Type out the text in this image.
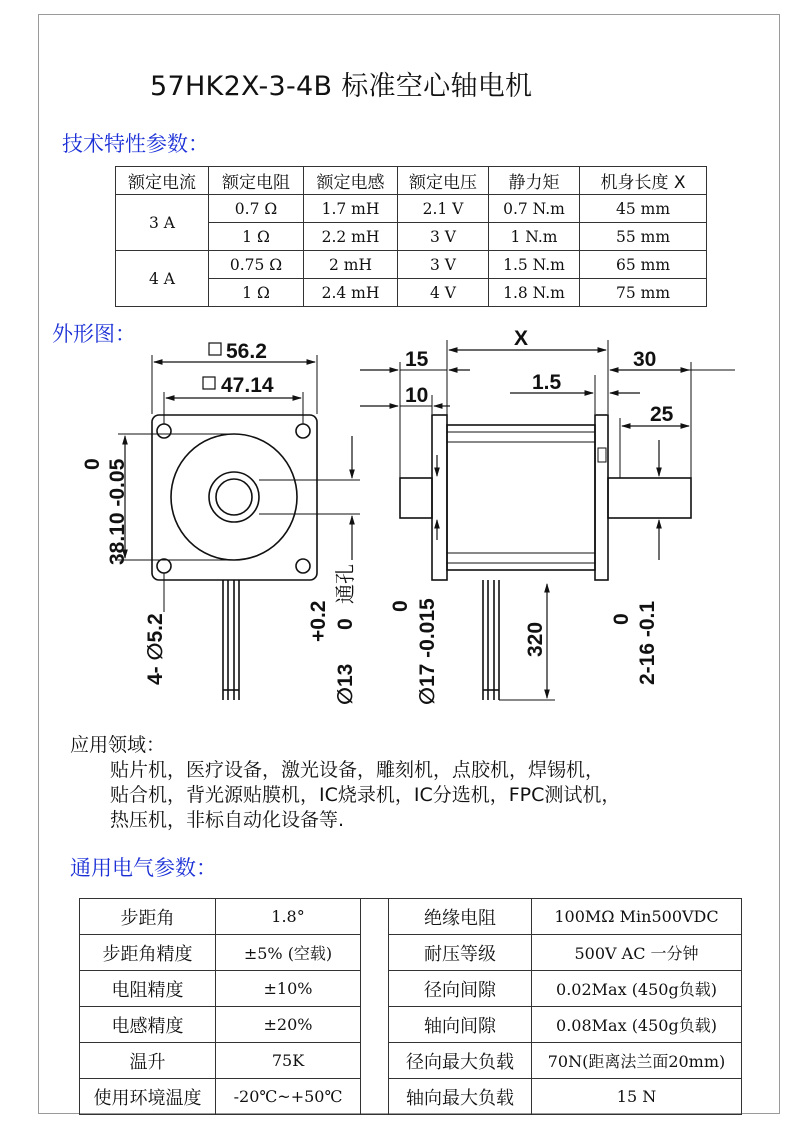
57HK2X-3-4B 标准空心轴电机
技术特性参数：
额定电流	额定电阻	额定电感	额定电压	静力矩	机身长度 X
3 A	0.7 Ω	1.7 mH	2.1 V	0.7 N.m	45 mm
	1 Ω	2.2 mH	3 V	1 N.m	55 mm
4 A	0.75 Ω	2 mH	3 V	1.5 N.m	65 mm
	1 Ω	2.4 mH	4 V	1.8 N.m	75 mm
外形图：
56.2
47.14
0 38.10 -0.05
4- ∅5.2	+0.2 0
通孔
∅13
X
15
10
1.5
30
25
0 ∅17 -0.015	320
0 2-16 -0.1
应用领域：
贴片机，医疗设备，激光设备，雕刻机，点胶机，焊锡机，
贴合机，背光源贴膜机，IC烧录机，IC分选机，FPC测试机，
热压机，非标自动化设备等.
通用电气参数：
步距角	1.8°		绝缘电阻	100MΩ Min500VDC
步距角精度	±5% (空载)		耐压等级	500V AC 一分钟
电阻精度	±10%		径向间隙	0.02Max (450g负载)
电感精度	±20%		轴向间隙	0.08Max (450g负载)
温升	75K		径向最大负载	70N(距离法兰面20mm)
使用环境温度	-20℃~+50℃		轴向最大负载	15 N
